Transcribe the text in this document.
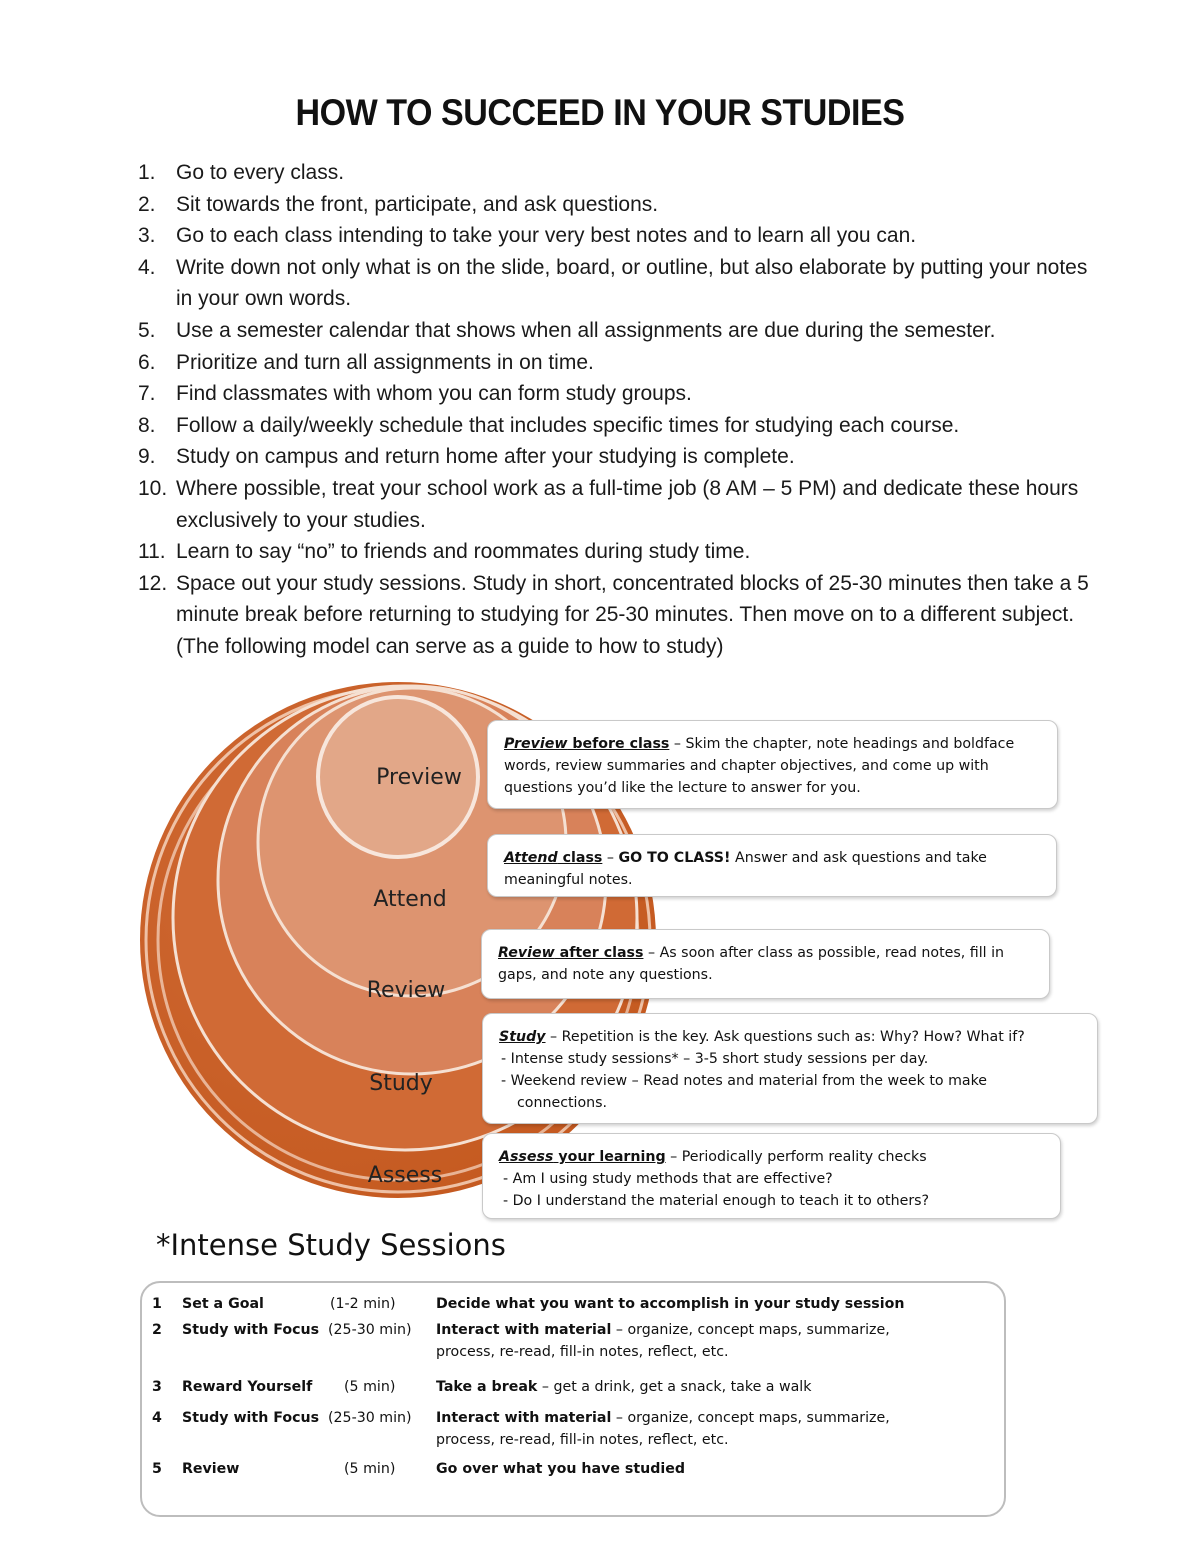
HOW TO SUCCEED IN YOUR STUDIES
1. Go to every class.
2. Sit towards the front, participate, and ask questions.
3. Go to each class intending to take your very best notes and to learn all you can.
4. Write down not only what is on the slide, board, or outline, but also elaborate by putting your notes in your own words.
5. Use a semester calendar that shows when all assignments are due during the semester.
6. Prioritize and turn all assignments in on time.
7. Find classmates with whom you can form study groups.
8. Follow a daily/weekly schedule that includes specific times for studying each course.
9. Study on campus and return home after your studying is complete.
10. Where possible, treat your school work as a full-time job (8 AM – 5 PM) and dedicate these hours exclusively to your studies.
11. Learn to say “no” to friends and roommates during study time.
12. Space out your study sessions. Study in short, concentrated blocks of 25-30 minutes then take a 5 minute break before returning to studying for 25-30 minutes. Then move on to a different subject. (The following model can serve as a guide to how to study)
Preview
Attend
Review
Study
Assess
Preview before class – Skim the chapter, note headings and boldface words, review summaries and chapter objectives, and come up with questions you’d like the lecture to answer for you.
Attend class – GO TO CLASS! Answer and ask questions and take meaningful notes.
Review after class – As soon after class as possible, read notes, fill in gaps, and note any questions.
Study – Repetition is the key. Ask questions such as: Why? How? What if?

- Intense study sessions* – 3-5 short study sessions per day.

- Weekend review – Read notes and material from the week to make connections.

Assess your learning – Periodically perform reality checks

- Am I using study methods that are effective?

- Do I understand the material enough to teach it to others?

*Intense Study Sessions
1 Set a Goal	(1-2 min)	Decide what you want to accomplish in your study session
2 Study with Focus (25-30 min) Interact with material – organize, concept maps, summarize, process, re-read, fill-in notes, reflect, etc.
3 Reward Yourself (5 min)	Take a break – get a drink, get a snack, take a walk
4 Study with Focus (25-30 min) Interact with material – organize, concept maps, summarize, process, re-read, fill-in notes, reflect, etc.
5 Review	(5 min)	Go over what you have studied
